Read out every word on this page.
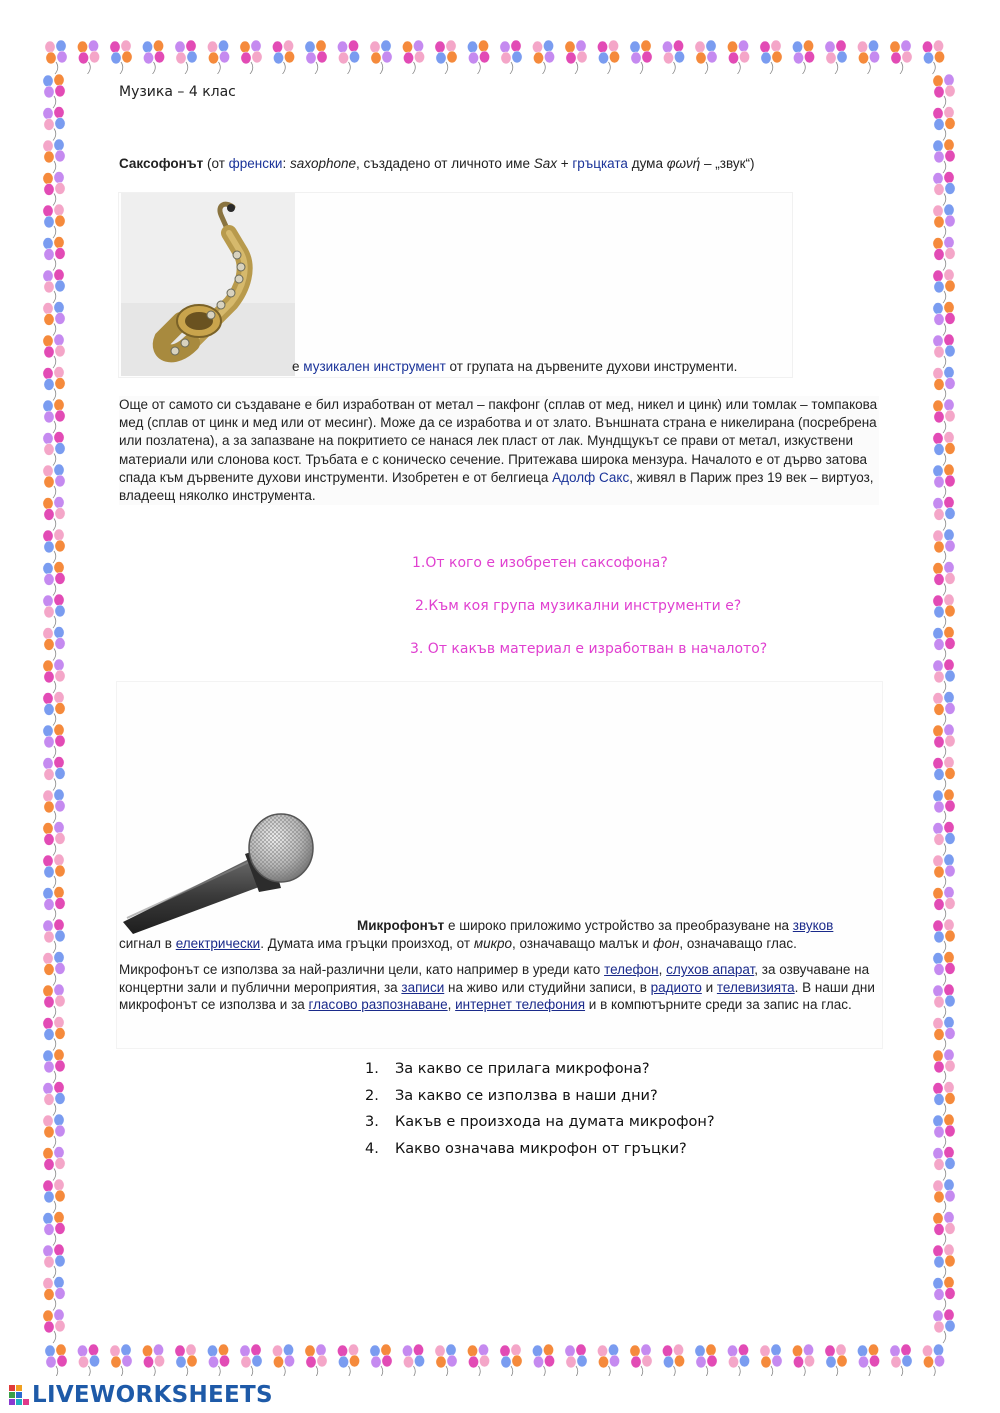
Музика – 4 клас
Саксофонът (от френски: saxophone, създадено от личното име Sax + гръцката дума φωνή – „звук“)
е музикален инструмент от групата на дървените духови инструменти.
Още от самото си създаване е бил изработван от метал – пакфонг (сплав от мед, никел и цинк) или томлак – томпакова мед (сплав от цинк и мед или от месинг). Може да се изработва и от злато. Външната страна е никелирана (посребрена или позлатена), а за запазване на покритието се нанася лек пласт от лак. Мундщукът се прави от метал, изкуствени материали или слонова кост. Тръбата е с коническо сечение. Притежава широка мензура. Началото е от дърво затова спада към дървените духови инструменти. Изобретен е от белгиеца Адолф Сакс, живял в Париж през 19 век – виртуоз, владеещ няколко инструмента.
1.От кого е изобретен саксофона?
2.Към коя група музикални инструменти е?
3. От какъв материал е изработван в началото?

Микрофонът е широко приложимо устройство за преобразуване на звуков сигнал в електрически. Думата има гръцки произход, от микро, означаващо малък и фон, означаващо глас.

Микрофонът се използва за най-различни цели, като например в уреди като телефон, слухов апарат, за озвучаване на концертни зали и публични мероприятия, за записи на живо или студийни записи, в радиото и телевизията. В наши дни микрофонът се използва и за гласово разпознаване, интернет телефония и в компютърните среди за запис на глас.

1.	За какво се прилага микрофона?
2.	За какво се използва в наши дни?
3.	Какъв е произхода на думата микрофон?
4.	Какво означава микрофон от гръцки?
LIVEWORKSHEETS
